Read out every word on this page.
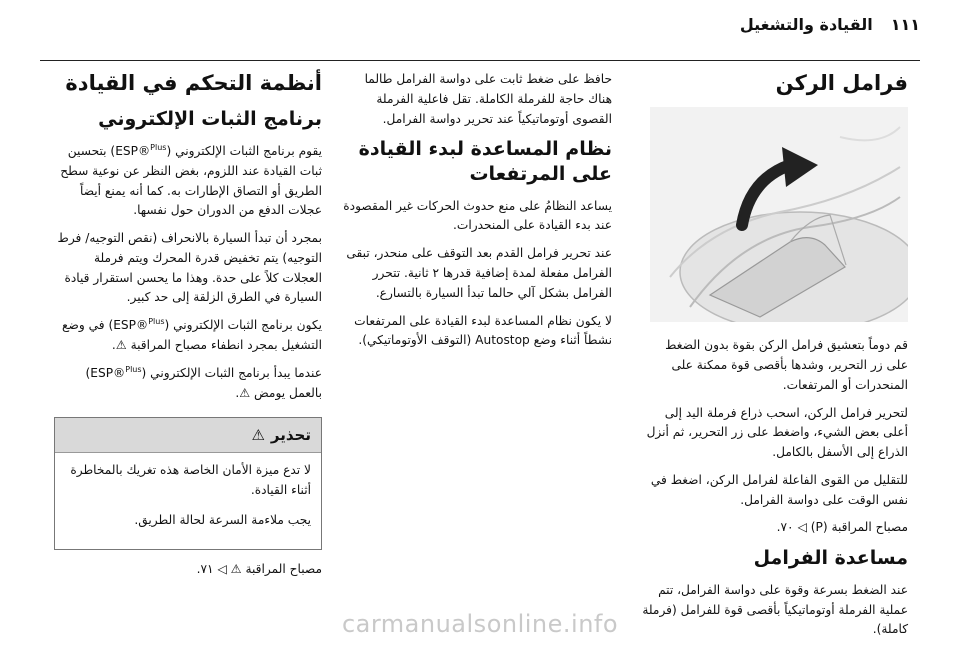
١١١
القيادة والتشغيل
فرامل الركن

قم دوماً بتعشيق فرامل الركن بقوة بدون الضغط على زر التحرير، وشدها بأقصى قوة ممكنة على المنحدرات أو المرتفعات.

لتحرير فرامل الركن، اسحب ذراع فرملة اليد إلى أعلى بعض الشيء، واضغط على زر التحرير، ثم أنزل الذراع إلى الأسفل بالكامل.

للتقليل من القوى الفاعلة لفرامل الركن، اضغط في نفس الوقت على دواسة الفرامل.

مصباح المراقبة (P) ◁ ٧٠.

مساعدة الفرامل

عند الضغط بسرعة وقوة على دواسة الفرامل، تتم عملية الفرملة أوتوماتيكياً بأقصى قوة للفرامل (فرملة كاملة).

حافظ على ضغط ثابت على دواسة الفرامل طالما هناك حاجة للفرملة الكاملة. تقل فاعلية الفرملة القصوى أوتوماتيكياً عند تحرير دواسة الفرامل.

نظام المساعدة لبدء القيادة على المرتفعات

يساعد النظامُ على منع حدوث الحركات غير المقصودة عند بدء القيادة على المنحدرات.

عند تحرير فرامل القدم بعد التوقف على منحدر، تبقى الفرامل مفعلة لمدة إضافية قدرها ٢ ثانية. تتحرر الفرامل بشكل آلي حالما تبدأ السيارة بالتسارع.

لا يكون نظام المساعدة لبدء القيادة على المرتفعات نشطاً أثناء وضع Autostop (التوقف الأوتوماتيكي).

أنظمة التحكم في القيادة
برنامج الثبات الإلكتروني

يقوم برنامج الثبات الإلكتروني (ESP®$^{Plus}$) بتحسين ثبات القيادة عند اللزوم، بغض النظر عن نوعية سطح الطريق أو التصاق الإطارات به. كما أنه يمنع أيضاً عجلات الدفع من الدوران حول نفسها.

بمجرد أن تبدأ السيارة بالانحراف (نقص التوجيه/ فرط التوجيه) يتم تخفيض قدرة المحرك ويتم فرملة العجلات كلاً على حدة. وهذا ما يحسن استقرار قيادة السيارة في الطرق الزلقة إلى حد كبير.

يكون برنامج الثبات الإلكتروني (ESP®$^{Plus}$) في وضع التشغيل بمجرد انطفاء مصباح المراقبة ⚠.

عندما يبدأ برنامج الثبات الإلكتروني (ESP®$^{Plus}$) بالعمل يومض ⚠.

تحذير
⚠

لا تدع ميزة الأمان الخاصة هذه تغريك بالمخاطرة أثناء القيادة.

يجب ملاءمة السرعة لحالة الطريق.

مصباح المراقبة ⚠ ◁ ٧١.

carmanualsonline.info
